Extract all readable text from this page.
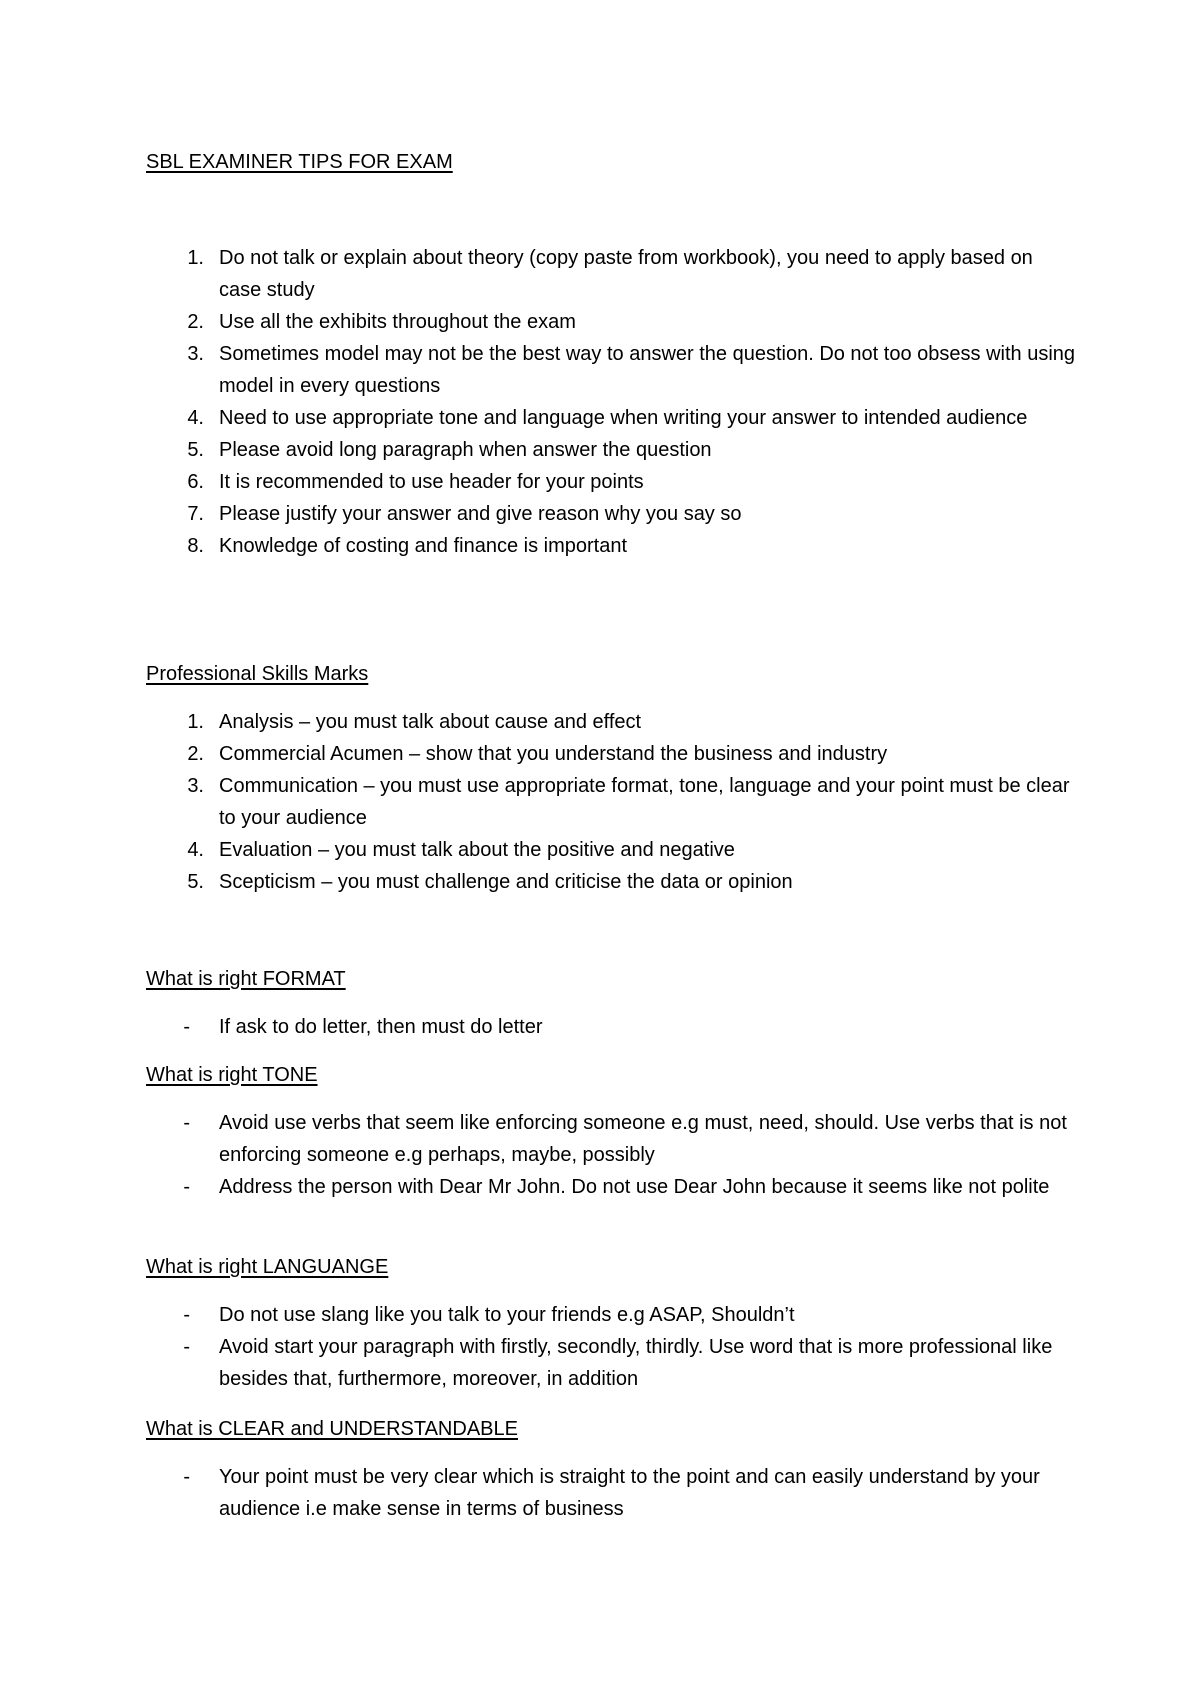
SBL EXAMINER TIPS FOR EXAM
1. Do not talk or explain about theory (copy paste from workbook), you need to apply based on case study
2. Use all the exhibits throughout the exam
3. Sometimes model may not be the best way to answer the question. Do not too obsess with using model in every questions
4. Need to use appropriate tone and language when writing your answer to intended audience
5. Please avoid long paragraph when answer the question
6. It is recommended to use header for your points
7. Please justify your answer and give reason why you say so
8. Knowledge of costing and finance is important
Professional Skills Marks
1. Analysis – you must talk about cause and effect
2. Commercial Acumen – show that you understand the business and industry
3. Communication – you must use appropriate format, tone, language and your point must be clear to your audience
4. Evaluation – you must talk about the positive and negative
5. Scepticism – you must challenge and criticise the data or opinion
What is right FORMAT
- If ask to do letter, then must do letter
What is right TONE
- Avoid use verbs that seem like enforcing someone e.g must, need, should. Use verbs that is not enforcing someone e.g perhaps, maybe, possibly
- Address the person with Dear Mr John. Do not use Dear John because it seems like not polite
What is right LANGUANGE
- Do not use slang like you talk to your friends e.g ASAP, Shouldn’t
- Avoid start your paragraph with firstly, secondly, thirdly. Use word that is more professional like besides that, furthermore, moreover, in addition
What is CLEAR and UNDERSTANDABLE
- Your point must be very clear which is straight to the point and can easily understand by your audience i.e make sense in terms of business
